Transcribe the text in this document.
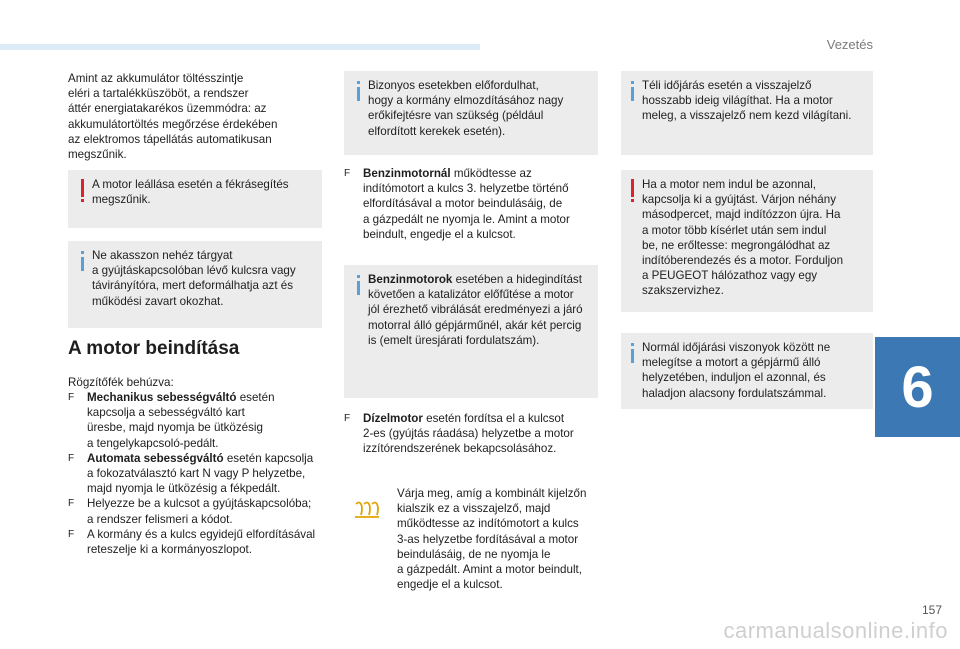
Vezetés
6
Amint az akkumulátor töltésszintje
eléri a tartalékküszöböt, a rendszer
áttér energiatakarékos üzemmódra: az
akkumulátortöltés megőrzése érdekében
az elektromos tápellátás automatikusan
megszűnik.
A motor leállása esetén a fékrásegítés
megszűnik.
Ne akasszon nehéz tárgyat
a gyújtáskapcsolóban lévő kulcsra vagy
távirányítóra, mert deformálhatja azt és
működési zavart okozhat.
A motor beindítása
Rögzítőfék behúzva:
F Mechanikus sebességváltó esetén
kapcsolja a sebességváltó kart
üresbe, majd nyomja be ütközésig
a tengelykapcsoló-pedált.
F Automata sebességváltó esetén kapcsolja
a fokozatválasztó kart N vagy P helyzetbe,
majd nyomja le ütközésig a fékpedált.
F Helyezze be a kulcsot a gyújtáskapcsolóba;
a rendszer felismeri a kódot.
F A kormány és a kulcs egyidejű elfordításával
reteszelje ki a kormányoszlopot.
Bizonyos esetekben előfordulhat,
hogy a kormány elmozdításához nagy
erőkifejtésre van szükség (például
elfordított kerekek esetén).
F Benzinmotornál működtesse az
indítómotort a kulcs 3. helyzetbe történő
elfordításával a motor beindulásáig, de
a gázpedált ne nyomja le. Amint a motor
beindult, engedje el a kulcsot.
Benzinmotorok esetében a hidegindítást
követően a katalizátor előfűtése a motor
jól érezhető vibrálását eredményezi a járó
motorral álló gépjárműnél, akár két percig
is (emelt üresjárati fordulatszám).
F Dízelmotor esetén fordítsa el a kulcsot
2-es (gyújtás ráadása) helyzetbe a motor
izzítórendszerének bekapcsolásához.
Várja meg, amíg a kombinált kijelzőn
kialszik ez a visszajelző, majd
működtesse az indítómotort a kulcs
3-as helyzetbe fordításával a motor
beindulásáig, de ne nyomja le
a gázpedált. Amint a motor beindult,
engedje el a kulcsot.
Téli időjárás esetén a visszajelző
hosszabb ideig világíthat. Ha a motor
meleg, a visszajelző nem kezd világítani.
Ha a motor nem indul be azonnal,
kapcsolja ki a gyújtást. Várjon néhány
másodpercet, majd indítózzon újra. Ha
a motor több kísérlet után sem indul
be, ne erőltesse: megrongálódhat az
indítóberendezés és a motor. Forduljon
a PEUGEOT hálózathoz vagy egy
szakszervizhez.
Normál időjárási viszonyok között ne
melegítse a motort a gépjármű álló
helyzetében, induljon el azonnal, és
haladjon alacsony fordulatszámmal.
157
carmanualsonline.info
